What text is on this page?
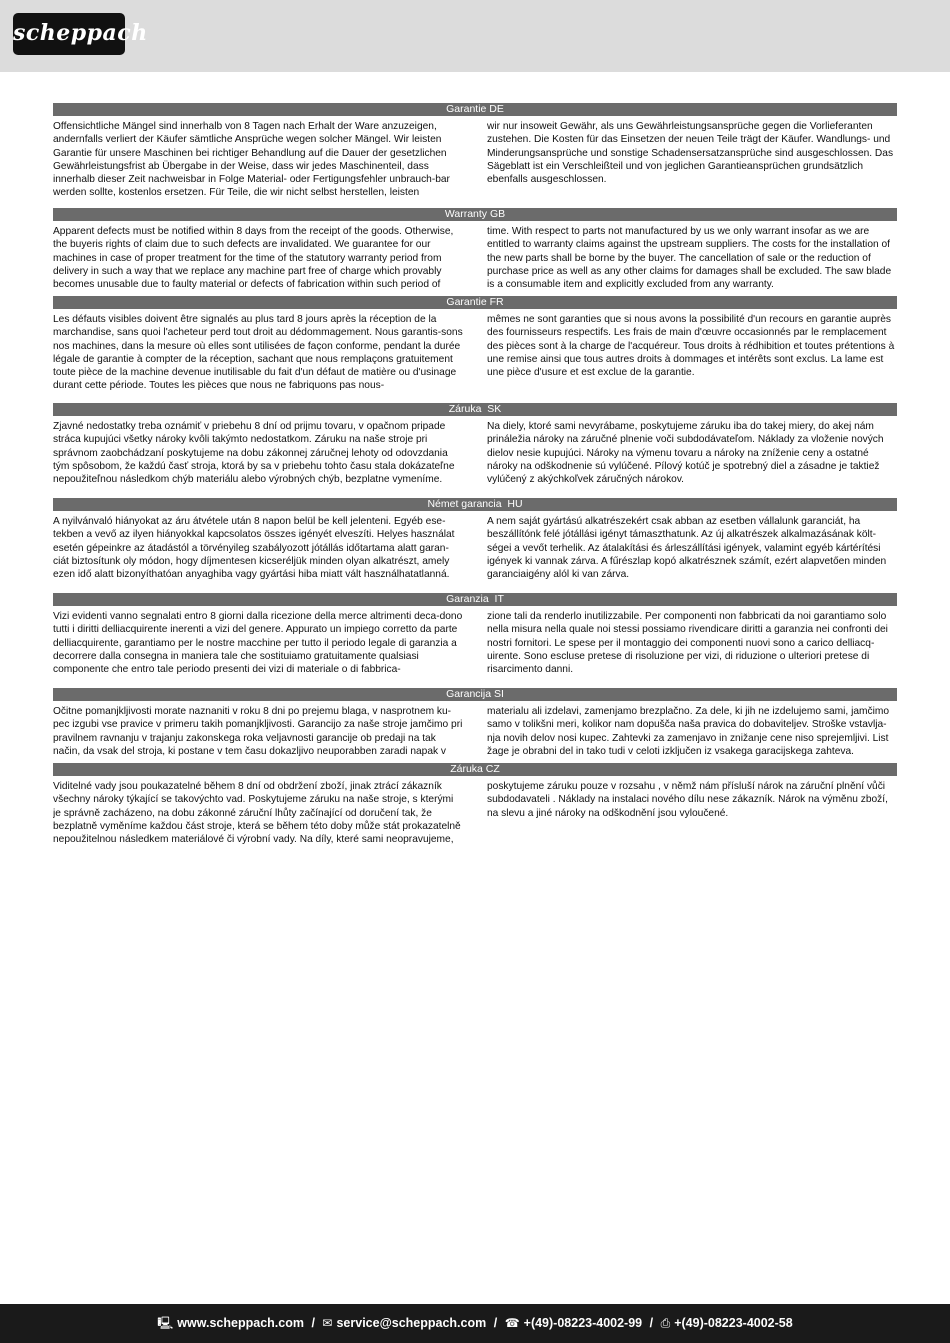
scheppach
Garantie DE
Offensichtliche Mängel sind innerhalb von 8 Tagen nach Erhalt der Ware anzuzeigen, andernfalls verliert der Käufer sämtliche Ansprüche wegen solcher Mängel. Wir leisten Garantie für unsere Maschinen bei richtiger Behandlung auf die Dauer der gesetzlichen Gewährleistungsfrist ab Übergabe in der Weise, dass wir jedes Maschinenteil, dass innerhalb dieser Zeit nachweisbar in Folge Material- oder Fertigungsfehler unbrauch-bar werden sollte, kostenlos ersetzen. Für Teile, die wir nicht selbst herstellen, leisten
wir nur insoweit Gewähr, als uns Gewährleistungsansprüche gegen die Vorlieferanten zustehen. Die Kosten für das Einsetzen der neuen Teile trägt der Käufer. Wandlungs- und Minderungsansprüche und sonstige Schadensersatzansprüche sind ausgeschlossen. Das Sägeblatt ist ein Verschleißteil und von jeglichen Garantieansprüchen grundsätzlich ebenfalls ausgeschlossen.
Warranty GB
Apparent defects must be notified within 8 days from the receipt of the goods. Otherwise, the buyeris rights of claim due to such defects are invalidated. We guarantee for our machines in case of proper treatment for the time of the statutory warranty period from delivery in such a way that we replace any machine part free of charge which provably becomes unusable due to faulty material or defects of fabrication within such period of
time. With respect to parts not manufactured by us we only warrant insofar as we are entitled to warranty claims against the upstream suppliers. The costs for the installation of the new parts shall be borne by the buyer. The cancellation of sale or the reduction of purchase price as well as any other claims for damages shall be excluded. The saw blade is a consumable item and explicitly excluded from any warranty.
Garantie FR
Les défauts visibles doivent être signalés au plus tard 8 jours après la réception de la marchandise, sans quoi l'acheteur perd tout droit au dédommagement. Nous garantis-sons nos machines, dans la mesure où elles sont utilisées de façon conforme, pendant la durée légale de garantie à compter de la réception, sachant que nous remplaçons gratuitement toute pièce de la machine devenue inutilisable du fait d'un défaut de matière ou d'usinage durant cette période. Toutes les pièces que nous ne fabriquons pas nous-
mêmes ne sont garanties que si nous avons la possibilité d'un recours en garantie auprès des fournisseurs respectifs. Les frais de main d'œuvre occasionnés par le remplacement des pièces sont à la charge de l'acquéreur. Tous droits à rédhibition et toutes prétentions à une remise ainsi que tous autres droits à dommages et intérêts sont exclus. La lame est une pièce d'usure et est exclue de la garantie.
Záruka  SK
Zjavné nedostatky treba oznámiť v priebehu 8 dní od prijmu tovaru, v opačnom pripade stráca kupujúci všetky nároky kvôli takýmto nedostatkom. Záruku na naše stroje pri správnom zaobchádzaní poskytujeme na dobu zákonnej záručnej lehoty od odovzdania tým spôsobom, že každú časť stroja, ktorá by sa v priebehu tohto času stala dokázateľne nepoužiteľnou následkom chýb materiálu alebo výrobných chýb, bezplatne vymeníme.
Na diely, ktoré sami nevyrábame, poskytujeme záruku iba do takej miery, do akej nám prináležia nároky na záručné plnenie voči subdodávateľom. Náklady za vloženie nových dielov nesie kupujúci. Nároky na výmenu tovaru a nároky na zníženie ceny a ostatné nároky na odškodnenie sú vylúčené. Pílový kotúč je spotrebný diel a zásadne je taktiež vylúčený z akýchkoľvek záručných nárokov.
Német garancia  HU
A nyilvánvaló hiányokat az áru átvétele után 8 napon belül be kell jelenteni. Egyéb ese-tekben a vevő az ilyen hiányokkal kapcsolatos összes igényét elveszíti. Helyes használat esetén gépeinkre az átadástól a törvényileg szabályozott jótállás időtartama alatt garan-ciát biztosítunk oly módon, hogy díjmentesen kicseréljük minden olyan alkatrészt, amely ezen idő alatt bizonyíthatóan anyaghiba vagy gyártási hiba miatt vált használhatatlanná.
A nem saját gyártású alkatrészekért csak abban az esetben vállalunk garanciát, ha beszállítónk felé jótállási igényt támaszthatunk. Az új alkatrészek alkalmazásának költ-ségei a vevőt terhelik. Az átalakítási és árleszállítási igények, valamint egyéb kártérítési igények ki vannak zárva. A fűrészlap kopó alkatrésznek számít, ezért alapvetően minden garanciaigény alól ki van zárva.
Garanzia  IT
Vizi evidenti vanno segnalati entro 8 giorni dalla ricezione della merce altrimenti deca-dono tutti i diritti delliacquirente inerenti a vizi del genere. Appurato un impiego corretto da parte delliacquirente, garantiamo per le nostre macchine per tutto il periodo legale di garanzia a decorrere dalla consegna in maniera tale che sostituiamo gratuitamente qualsiasi componente che entro tale periodo presenti dei vizi di materiale o di fabbrica-
zione tali da renderlo inutilizzabile. Per componenti non fabbricati da noi garantiamo solo nella misura nella quale noi stessi possiamo rivendicare diritti a garanzia nei confronti dei nostri fornitori. Le spese per il montaggio dei componenti nuovi sono a carico delliacq-uirente. Sono escluse pretese di risoluzione per vizi, di riduzione o ulteriori pretese di risarcimento danni.
Garancija SI
Očitne pomanjkljivosti morate naznaniti v roku 8 dni po prejemu blaga, v nasprotnem ku-pec izgubi vse pravice v primeru takih pomanjkljivosti. Garancijo za naše stroje jamčimo pri pravilnem ravnanju v trajanju zakonskega roka veljavnosti garancije ob predaji na tak način, da vsak del stroja, ki postane v tem času dokazljivo neuporabben zaradi napak v
materialu ali izdelavi, zamenjamo brezplačno. Za dele, ki jih ne izdelujemo sami, jamčimo samo v tolikšni meri, kolikor nam dopušča naša pravica do dobaviteljev. Stroške vstavlja-nja novih delov nosi kupec. Zahtevki za zamenjavo in znižanje cene niso sprejemljivi. List žage je obrabni del in tako tudi v celoti izključen iz vsakega garacijskega zahteva.
Záruka CZ
Viditelné vady jsou poukazatelné během 8 dní od obdržení zboží, jinak ztrácí zákazník všechny nároky týkající se takovýchto vad. Poskytujeme záruku na naše stroje, s kterými je správně zacházeno, na dobu zákonné záruční lhůty začínající od doručení tak, že bezplatně vyměníme každou část stroje, která se během této doby může stát prokazatelně nepoužitelnou následkem materiálové či výrobní vady. Na díly, které sami neopravujeme,
poskytujeme záruku pouze v rozsahu , v němž nám přísluší nárok na záruční plnění vůči subdodavateli . Náklady na instalaci nového dílu nese zákazník. Nárok na výměnu zboží, na slevu a jiné nároky na odškodnění jsou vyloučené.
🖳 www.scheppach.com / ✉ service@scheppach.com / ☎ +(49)-08223-4002-99 / ⎙ +(49)-08223-4002-58
